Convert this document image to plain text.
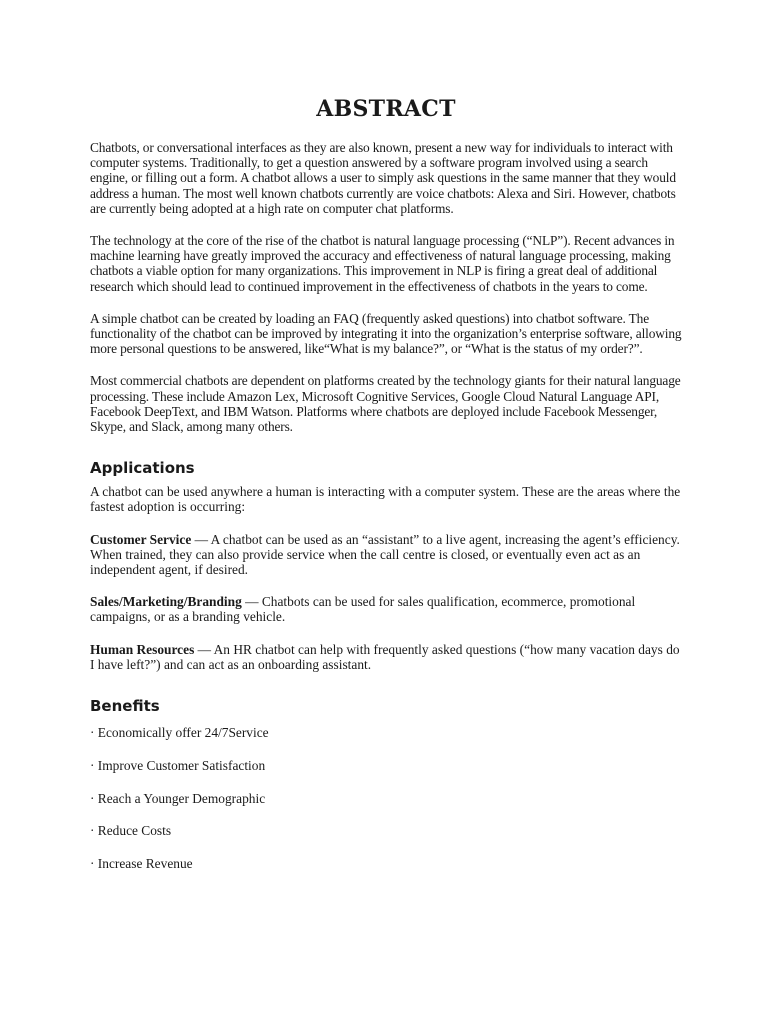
ABSTRACT

Chatbots, or conversational interfaces as they are also known, present a new way for individuals to interact with computer systems. Traditionally, to get a question answered by a software program involved using a search engine, or filling out a form. A chatbot allows a user to simply ask questions in the same manner that they would address a human. The most well known chatbots currently are voice chatbots: Alexa and Siri. However, chatbots are currently being adopted at a high rate on computer chat platforms.

The technology at the core of the rise of the chatbot is natural language processing (“NLP”). Recent advances in machine learning have greatly improved the accuracy and effectiveness of natural language processing, making chatbots a viable option for many organizations. This improvement in NLP is firing a great deal of additional research which should lead to continued improvement in the effectiveness of chatbots in the years to come.

A simple chatbot can be created by loading an FAQ (frequently asked questions) into chatbot software. The functionality of the chatbot can be improved by integrating it into the organization’s enterprise software, allowing more personal questions to be answered, like“What is my balance?”, or “What is the status of my order?”.

Most commercial chatbots are dependent on platforms created by the technology giants for their natural language processing. These include Amazon Lex, Microsoft Cognitive Services, Google Cloud Natural Language API, Facebook DeepText, and IBM Watson. Platforms where chatbots are deployed include Facebook Messenger, Skype, and Slack, among many others.

Applications

A chatbot can be used anywhere a human is interacting with a computer system. These are the areas where the fastest adoption is occurring:

Customer Service — A chatbot can be used as an “assistant” to a live agent, increasing the agent’s efficiency. When trained, they can also provide service when the call centre is closed, or eventually even act as an independent agent, if desired.

Sales/Marketing/Branding — Chatbots can be used for sales qualification, ecommerce, promotional campaigns, or as a branding vehicle.

Human Resources — An HR chatbot can help with frequently asked questions (“how many vacation days do I have left?”) and can act as an onboarding assistant.

Benefits
· Economically offer 24/7Service
· Improve Customer Satisfaction
· Reach a Younger Demographic
· Reduce Costs
· Increase Revenue
